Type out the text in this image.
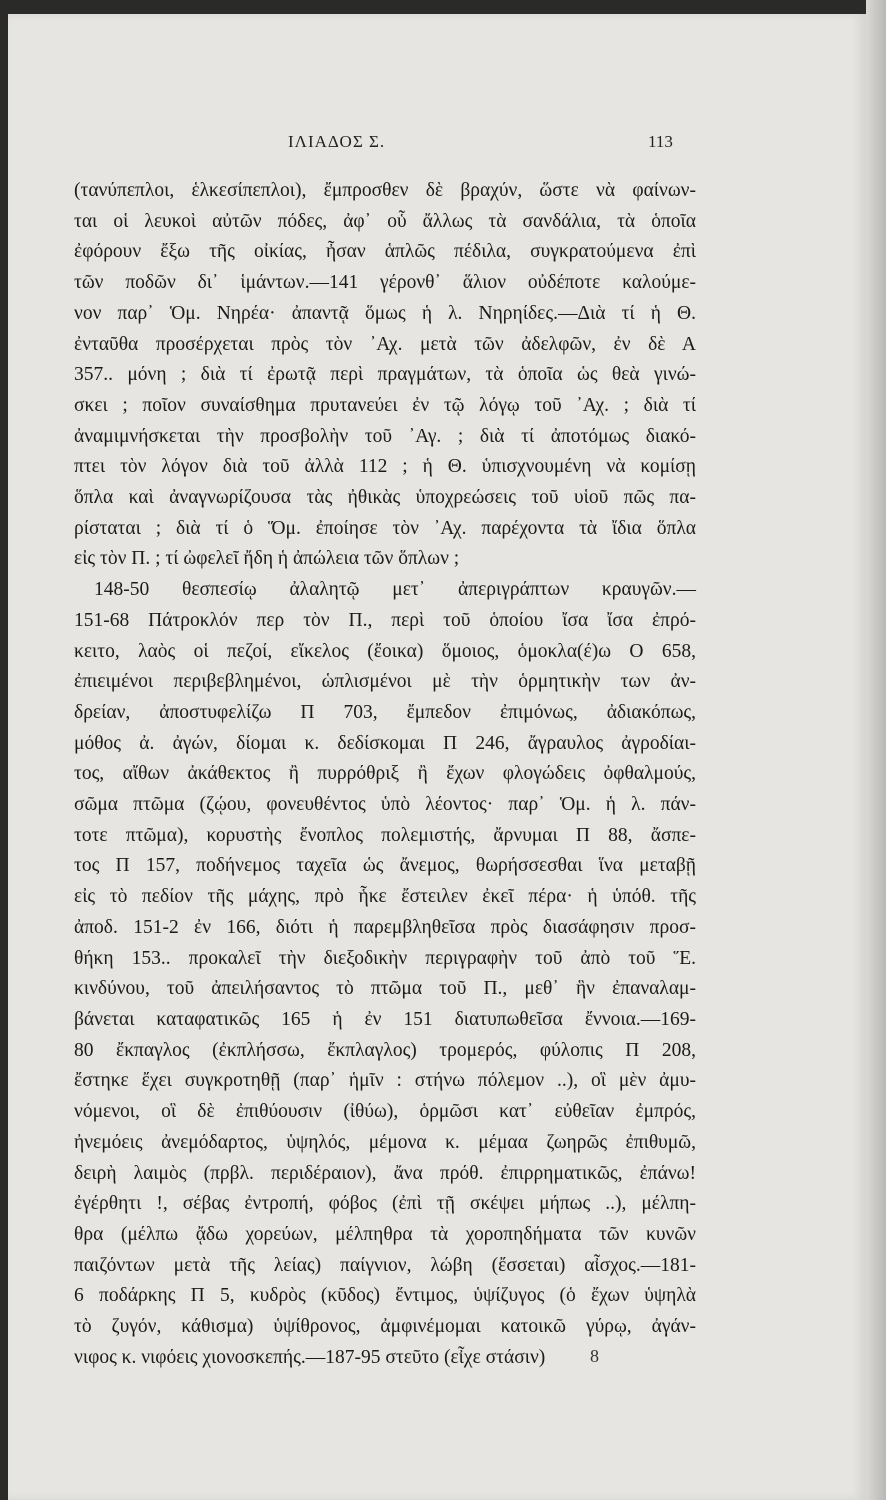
ΙΛΙΑΔΟΣ Σ.	113

(τανύπεπλοι, ἑλκεσίπεπλοι), ἔμπροσθεν δὲ βραχύν, ὥστε νὰ φαίνων-

ται οἱ λευκοὶ αὐτῶν πόδες, ἀφ᾽ οὗ ἄλλως τὰ σανδάλια, τὰ ὁποῖα

ἐφόρουν ἔξω τῆς οἰκίας, ἦσαν ἁπλῶς πέδιλα, συγκρατούμενα ἐπὶ

τῶν ποδῶν δι᾽ ἱμάντων.—141 γέρονθ᾽ ἅλιον οὐδέποτε καλούμε-

νον παρ᾽ Ὁμ. Νηρέα· ἀπαντᾷ ὅμως ἡ λ. Νηρηίδες.—Διὰ τί ἡ Θ.

ἐνταῦθα προσέρχεται πρὸς τὸν ᾽Αχ. μετὰ τῶν ἀδελφῶν, ἐν δὲ Α

357.. μόνη ; διὰ τί ἐρωτᾷ περὶ πραγμάτων, τὰ ὁποῖα ὡς θεὰ γινώ-

σκει ; ποῖον συναίσθημα πρυτανεύει ἐν τῷ λόγῳ τοῦ ᾽Αχ. ; διὰ τί

ἀναμιμνήσκεται τὴν προσβολὴν τοῦ ᾽Αγ. ; διὰ τί ἀποτόμως διακό-

πτει τὸν λόγον διὰ τοῦ ἀλλὰ 112 ; ἡ Θ. ὑπισχνουμένη νὰ κομίσῃ

ὅπλα καὶ ἀναγνωρίζουσα τὰς ἠθικὰς ὑποχρεώσεις τοῦ υἱοῦ πῶς πα-

ρίσταται ; διὰ τί ὁ Ὅμ. ἐποίησε τὸν ᾽Αχ. παρέχοντα τὰ ἴδια ὅπλα

εἰς τὸν Π. ; τί ὠφελεῖ ἤδη ἡ ἀπώλεια τῶν ὅπλων ;

148-50 θεσπεσίῳ ἀλαλητῷ μετ᾽ ἀπεριγράπτων κραυγῶν.—

151-68 Πάτροκλόν περ τὸν Π., περὶ τοῦ ὁποίου ἴσα ἴσα ἐπρό-

κειτο, λαὸς οἱ πεζοί, εἴκελος (ἔοικα) ὅμοιος, ὁμοκλα(έ)ω Ο 658,

ἐπιειμένοι περιβεβλημένοι, ὡπλισμένοι μὲ τὴν ὁρμητικὴν των ἀν-

δρείαν, ἀποστυφελίζω Π 703, ἔμπεδον ἐπιμόνως, ἀδιακόπως,

μόθος ἀ. ἀγών, δίομαι κ. δεδίσκομαι Π 246, ἄγραυλος ἀγροδίαι-

τος, αἴθων ἀκάθεκτος ἢ πυρρόθριξ ἢ ἔχων φλογώδεις ὀφθαλμούς,

σῶμα πτῶμα (ζῴου, φονευθέντος ὑπὸ λέοντος· παρ᾽ Ὁμ. ἡ λ. πάν-

τοτε πτῶμα), κορυστὴς ἔνοπλος πολεμιστής, ἄρνυμαι Π 88, ἄσπε-

τος Π 157, ποδήνεμος ταχεῖα ὡς ἄνεμος, θωρήσσεσθαι ἵνα μεταβῇ

εἰς τὸ πεδίον τῆς μάχης, πρὸ ἧκε ἔστειλεν ἐκεῖ πέρα· ἡ ὑπόθ. τῆς

ἀποδ. 151-2 ἐν 166, διότι ἡ παρεμβληθεῖσα πρὸς διασάφησιν προσ-

θήκη 153.. προκαλεῖ τὴν διεξοδικὴν περιγραφὴν τοῦ ἀπὸ τοῦ Ἕ.

κινδύνου, τοῦ ἀπειλήσαντος τὸ πτῶμα τοῦ Π., μεθ᾽ ἣν ἐπαναλαμ-

βάνεται καταφατικῶς 165 ἡ ἐν 151 διατυπωθεῖσα ἔννοια.—169-

80 ἔκπαγλος (ἐκπλήσσω, ἔκπλαγλος) τρομερός, φύλοπις Π 208,

ἔστηκε ἔχει συγκροτηθῇ (παρ᾽ ἡμῖν : στήνω πόλεμον ..), οἳ μὲν ἀμυ-

νόμενοι, οἳ δὲ ἐπιθύουσιν (ἰθύω), ὁρμῶσι κατ᾽ εὐθεῖαν ἐμπρός,

ἠνεμόεις ἀνεμόδαρτος, ὑψηλός, μέμονα κ. μέμαα ζωηρῶς ἐπιθυμῶ,

δειρὴ λαιμὸς (πρβλ. περιδέραιον), ἄνα πρόθ. ἐπιρρηματικῶς, ἐπάνω!

ἐγέρθητι !, σέβας ἐντροπή, φόβος (ἐπὶ τῇ σκέψει μήπως ..), μέλπη-

θρα (μέλπω ᾄδω χορεύων, μέλπηθρα τὰ χοροπηδήματα τῶν κυνῶν

παιζόντων μετὰ τῆς λείας) παίγνιον, λώβη (ἔσσεται) αἶσχος.—181-

6 ποδάρκης Π 5, κυδρὸς (κῦδος) ἔντιμος, ὑψίζυγος (ὁ ἔχων ὑψηλὰ

τὸ ζυγόν, κάθισμα) ὑψίθρονος, ἀμφινέμομαι κατοικῶ γύρῳ, ἀγάν-

νιφος κ. νιφόεις χιονοσκεπής.—187-95 στεῦτο (εἶχε στάσιν)	8
